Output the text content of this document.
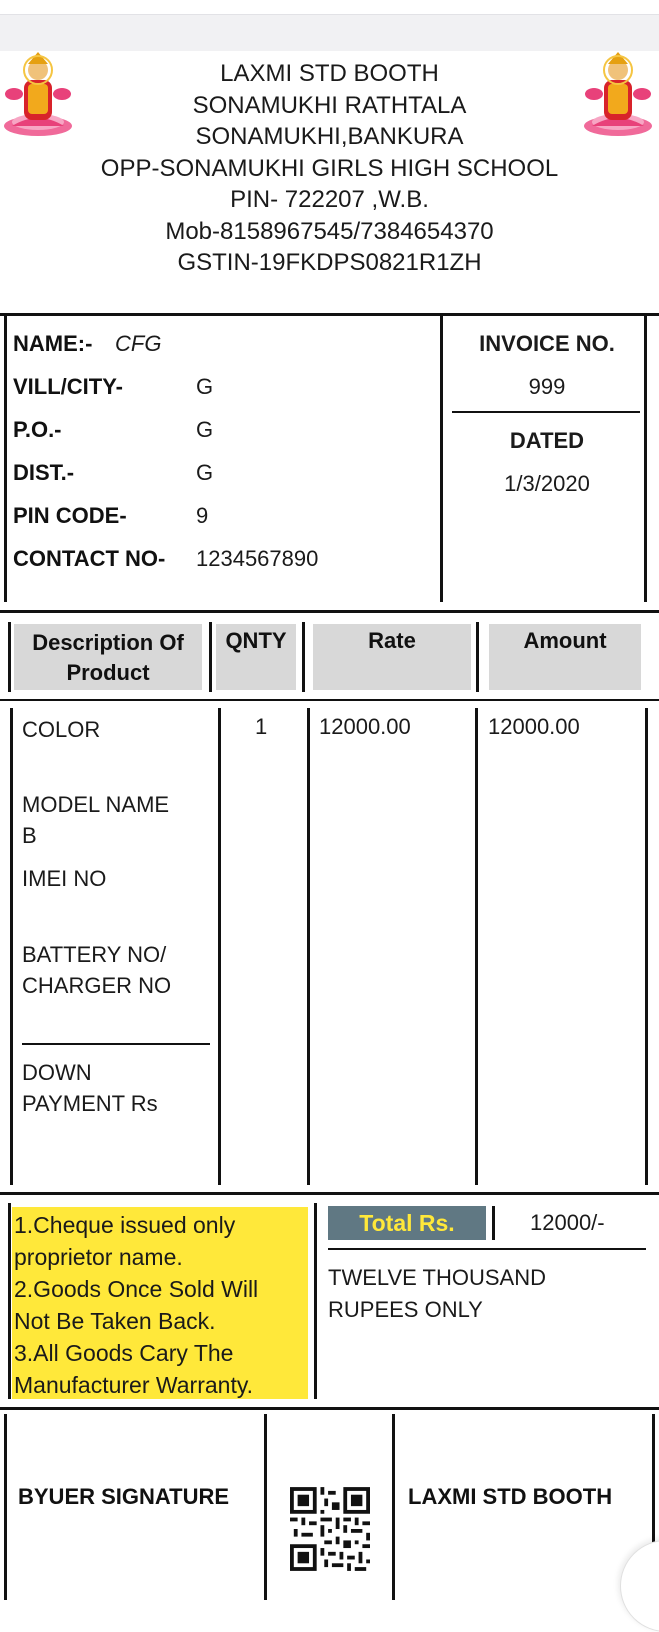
LAXMI STD BOOTH
SONAMUKHI RATHTALA
SONAMUKHI,BANKURA
OPP-SONAMUKHI GIRLS HIGH SCHOOL
PIN- 722207 ,W.B.
Mob-8158967545/7384654370
GSTIN-19FKDPS0821R1ZH
NAME:- CFG
VILL/CITY-	G
P.O.-	G
DIST.-	G
PIN CODE-	9
CONTACT NO- 1234567890
INVOICE NO.
999
DATED
1/3/2020
Description Of
Product
QNTY	Rate	Amount
COLOR
MODEL NAME
B
IMEI NO
BATTERY NO/
CHARGER NO
DOWN
PAYMENT Rs
1 12000.00	12000.00
1.Cheque issued only
proprietor name.
2.Goods Once Sold Will
Not Be Taken Back.
3.All Goods Cary The
Manufacturer Warranty.
Total Rs.	12000/-
TWELVE THOUSAND
RUPEES ONLY
BYUER SIGNATURE	LAXMI STD BOOTH
